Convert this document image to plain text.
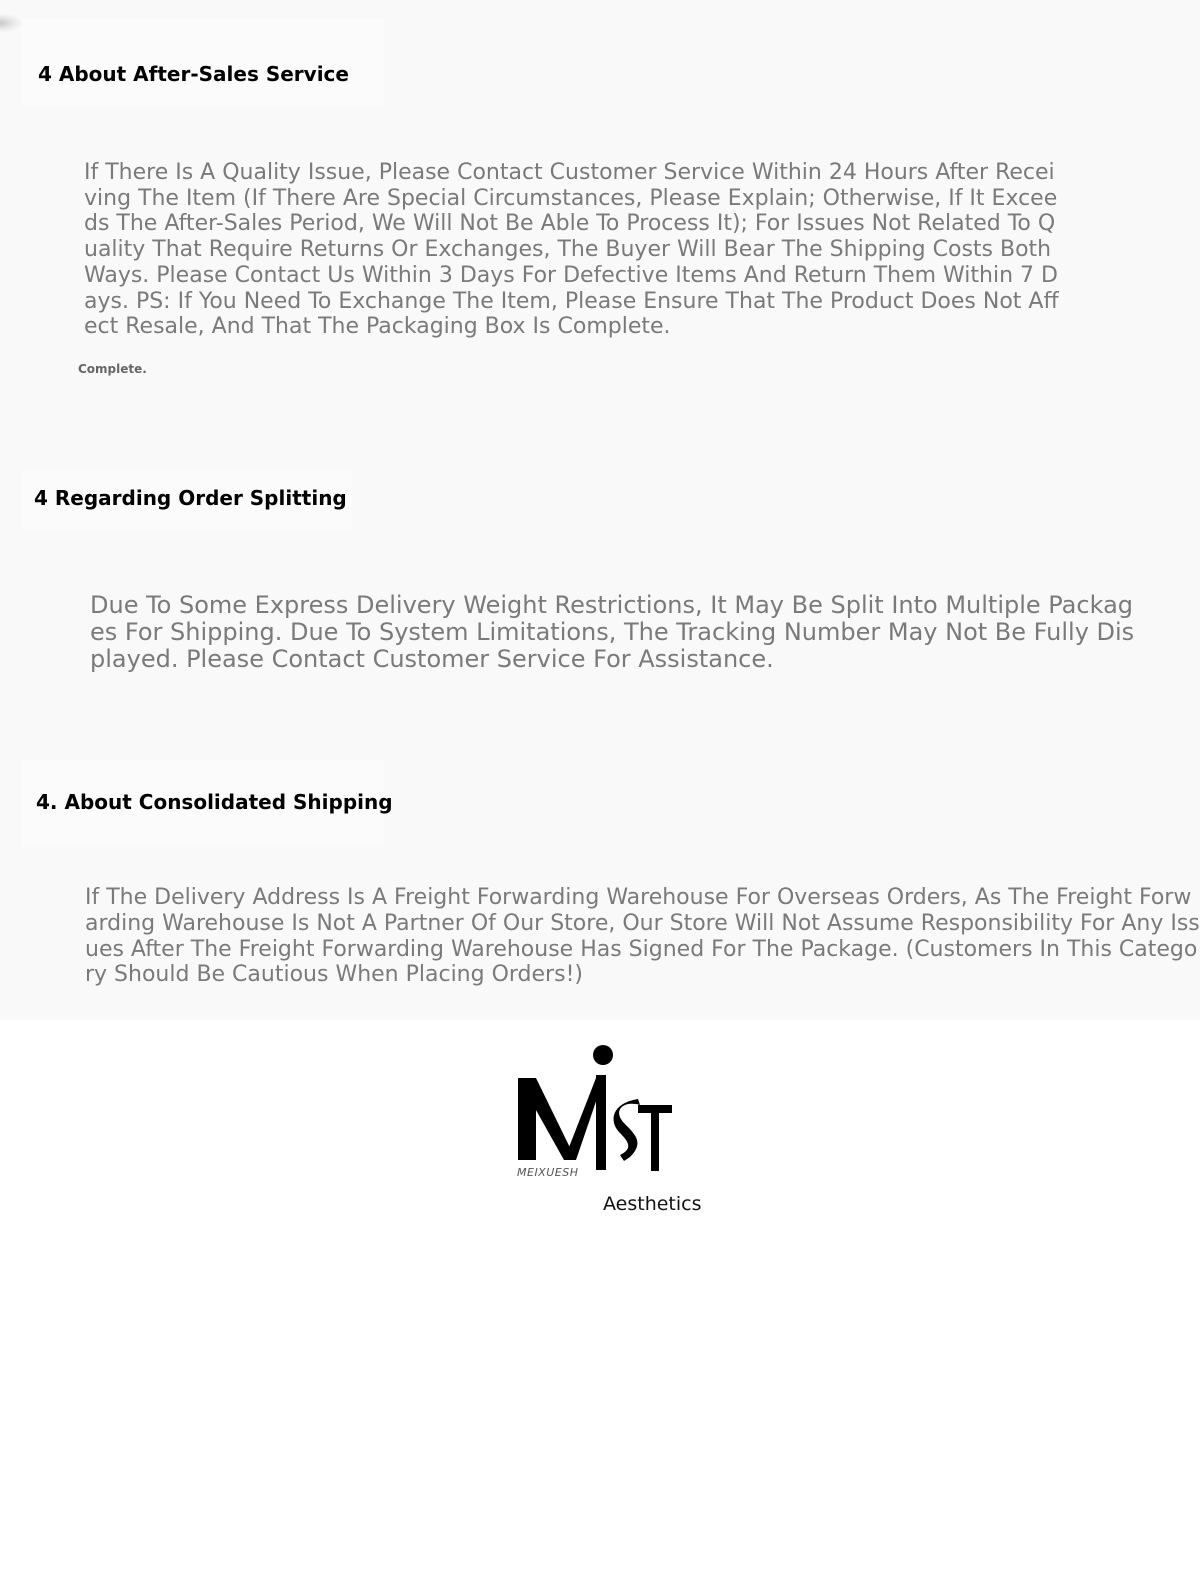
4 About After-Sales Service

If There Is A Quality Issue, Please Contact Customer Service Within 24 Hours After Receiving The Item (If There Are Special Circumstances, Please Explain; Otherwise, If It Exceeds The After-Sales Period, We Will Not Be Able To Process It); For Issues Not Related To Quality That Require Returns Or Exchanges, The Buyer Will Bear The Shipping Costs Both Ways. Please Contact Us Within 3 Days For Defective Items And Return Them Within 7 Days. PS: If You Need To Exchange The Item, Please Ensure That The Product Does Not Affect Resale, And That The Packaging Box Is Complete.

Complete.

4 Regarding Order Splitting

Due To Some Express Delivery Weight Restrictions, It May Be Split Into Multiple Packages For Shipping. Due To System Limitations, The Tracking Number May Not Be Fully Displayed. Please Contact Customer Service For Assistance.

4. About Consolidated Shipping

If The Delivery Address Is A Freight Forwarding Warehouse For Overseas Orders, As The Freight Forwarding Warehouse Is Not A Partner Of Our Store, Our Store Will Not Assume Responsibility For Any Issues After The Freight Forwarding Warehouse Has Signed For The Package. (Customers In This Category Should Be Cautious When Placing Orders!)

MEIXUESH

Aesthetics
